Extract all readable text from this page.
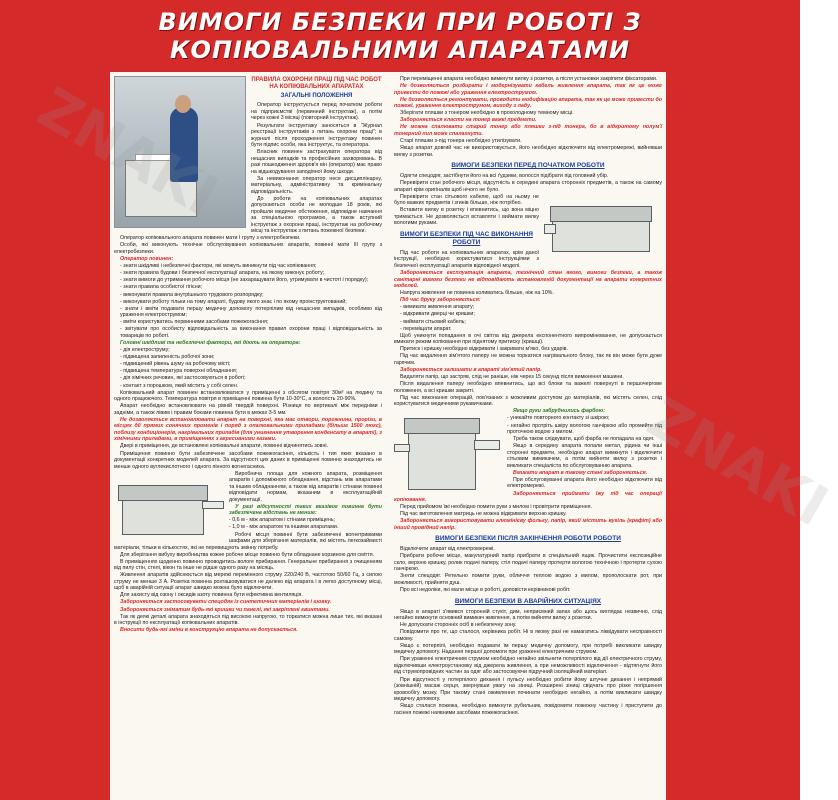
ВИМОГИ БЕЗПЕКИ ПРИ РОБОТІ З
КОПІЮВАЛЬНИМИ АПАРАТАМИ
ПРАВИЛА ОХОРОНИ ПРАЦІ ПІД ЧАС РОБОТ НА КОПІЮВАЛЬНИХ АПАРАТАХ
ЗАГАЛЬНІ ПОЛОЖЕННЯ

Оператор інструктується перед початком роботи на підприємстві (первинний інструктаж), а потім через кожні 3 місяці (повторний інструктаж).

Результати інструктажу заносяться в "Журнал реєстрації інструктажів з питань охорони праці"; в журналі після проходження інструктажу повинен бути підпис особи, яка інструктує, та оператора.

Власник повинен застрахувати оператора від нещасних випадків та професійних захворювань. В разі пошкодження здоров'я він (оператор) має право на відшкодування заподіяної йому шкоди.

За невиконання оператор несе дисциплінарну, матеріальну, адміністративну та кримінальну відповідальність.

До роботи на копіювальних апаратах допускаються особи не молодше 18 років, які пройшли медичне обстеження, відповідне навчання за спеціальною програмою, а також вступний інструктаж з охорони праці, інструктаж на робочому місці та інструктаж з питань пожежної безпеки.

Оператор копіювального апарата повинен мати І групу з електробезпеки.

Особи, які виконують технічне обслуговування копіювальних апаратів, повинні мати ІІІ групу з електробезпеки.

Оператор повинен:

- знати шкідливі і небезпечні фактори, які можуть виникнути під час копіювання;

- знати правила будови і безпечної експлуатації апарата, на якому виконує роботу;

- знати вимоги до утримання робочого місця (не захаращувати його, утримувати в чистоті і порядку);

- знати правила особистої гігієни;

- виконувати правила внутрішнього трудового розпорядку;

- виконувати роботу тільки на тому апараті, будову якого знає і по якому проінструктований;

- знати і вміти подавати першу медичну допомогу потерпілим від нещасних випадків, особливо від ураження електрострумом;

- вміти користуватись первинними засобами пожежогасіння;

- звітувати про особисту відповідальність за виконання правил охорони праці і відповідальність за товариців по роботі.

Головні шкідливі та небезпечні фактори, які діють на оператора:

- дія електроструму;

- підвищена запиленість робочої зони;

- підвищений рівень шуму на робочому місті;

- підвищена температура поверхні обладнання;

- дія хімічних речовин, які застосовуються в роботі;

- контакт з порошком, який містить у собі селен.

Копіювальний апарат повинен встановлюватися у приміщенні з обсягом повітря 30м³ на людину та одного працюючого. Температура повітря в приміщенні повинна бути 10-30°С, а вологість 20-90%.

Апарат необхідно встановлювати на рівній твердій поверхні. Різниця по вертикалі між передніми і задніми, а також лівим і правим боками повинна бути в межах 3-5 мм.

Не дозволяється встановлювати апарат на поверхні, яка має отвори, порожнини, прорізи, в місцях дії прямих сонячних променів і поряд з опалювальними приладами (більше 1500 люкс), поблизу кондиціонерів, нагрівальних приладів (для уникнення утворення конденсату в апараті), з хімічними приладами, в приміщеннях з агресивними газами.

Двері в приміщення, де встановлені копіювальні апарати, повинні відчинятись зовні.

Приміщення повинно бути забезпечене засобами пожежогасіння, кількість і тип яких вказано в документації конкретних моделей апарата. За відсутності цих даних в приміщенні повинно знаходитись не менше одного вуглекислотного і одного пінного вогнегасника.

Виробнича площа для кожного апарата, розміщення апаратів і допоміжного обладнання, відстань між апаратами та іншим обладнанням, а також від апаратів і стінами повинні відповідати нормам, вказаним в експлуатаційній документації.

У разі відсутності таких вказівок повинна бути забезпечена відстань не менше:

- 0,6 м - між апаратом і стінами приміщень;

- 1,0 м - між апаратом та іншими апаратами.

Робочі місця повинні бути забезпечені вогнетривкими шафами для зберігання матеріалів, які містять легкозаймисті матеріали, тільки в кількостях, які не перевищують змінну потребу.

Для зберігання вибуху виробництва кожне робоче місце повинно бути обладнане корзиною для сміття.

В приміщеннях щоденно повинно проводитись вологе прибирання. Генеральне прибирання з очищенням від пилу стін, стелі, вікон та інше не рідше одного разу на місяць.

Живлення апаратів здійснюється від мережі перемінного струму 220/240 В, частотою 50/60 Гц, з силою струму не менше 3 А. Розетка повинна розташовуватися не далеко від апарата і в легко доступному місці, щоб в аварійній ситуації апарат швидко можна було відключити.

Для захисту від озону і оксидів азоту повинна бути ефективна вентиляція.

Забороняється застосовувати спецодяг із синтетичних матеріалів і шовку.

Забороняється зніматим будь-які кришки чи панелі, які закріплені гвинтами.

Так як деякі деталі апарата знаходяться під високою напругою, то торкатися можна лише тих, які вказані в інструкції по експлуатації копіювальних апаратів.

Вносити будь-які зміни в конструкцію апарата не допускається.

При переміщенні апарата необхідно вимкнути вилку з розетки, а після установки закрiпити фіксаторами.

Не дозволяється розбирати і модернізувати кабель живлення апарата, так як це може привести до пожежі або ураження електрострумом.

Не дозволяється ремонтувати, проводити модифікацію апарата, так як це може привести до пожежі, ураження електрострумом, виходу з ладу.

Зберігати пляшки з тонером необхідно в прохолодному темному місці.

Забороняється класти на тонер важкі предмети.

Не можна спалювати старий тонер або пляшки з-під тонера, бо в відкритому полум'ї тонерний пил може спалахнути.

Старі пляшки з-під тонера необхідно утилізувати.

Якщо апарат довгий час не використовується, його необхідно відключити від електромережі, вийнявши вилку з розетки.

ВИМОГИ БЕЗПЕКИ ПЕРЕД ПОЧАТКОМ РОБОТИ

Одягти спецодяг, застібнути його на всі ґудзики, волосся підібрати під головний убір.

Перевірити стан робочого місця, відсутність в середині апарата сторонніх предметів, а також на самому апараті крім оригіналів щоб нічого не було.

Перевірити стан сітьового кабелю, щоб на ньому не було важких предметів і згинів більше, ніж потрібно.

Вставити вилку в розетку і впевнитись, що вона міцно тримається. Не дозволяється вставляти і виймати вилку вологими руками.

ВИМОГИ БЕЗПЕКИ ПІД ЧАС ВИКОНАННЯ РОБОТИ

Під час роботи на копіювальних апаратах, крім даної інструкції, необхідно користуватися інструкціями з безпечної експлуатації апаратів відповідної моделі.

Забороняється експлуатація апарата, технічний стан якого, вимоги безпеки, а також санітарні вимоги безпеки не відповідають встановленій документації на апарати конкретних моделей.

Напруга живлення не повинна коливатись більше, ніж на 10%.

Під час друку забороняється:

- вимикати живлення апарату;

- відкривати дверці чи кришки;

- виймати сітьовий кабель;

- переміщати апарат.

Щоб уникнути попадання в очі світла від джерела експонентного випромінювання, не допускається вмикати режим копіювання при піднятому притиску (кришці).

Притиск і кришку необхідно відкривати і закривати м'яко, без ударів.

Під час видалення зім'ятого паперу не можна торкатися нагрівального блоку, так як він може бути дуже гарячим.

Забороняється залишати в апараті зім'ятий папір.

Видаляти папір, що застряв, слід не раніше, ніж через 15 секунд після вимкнення машини.

Після видалення паперу необхідно впевнитись, що всі блоки та важелі повернуті в першочергове положення, а всі кришки закриті.

Під час виконання операцій, пов'язаних з можливим доступом до матеріалів, які містять селен, слід користуватися медичними рукавичками.

Якщо руки забруднились фарбою:

- уникайте повторного контакту зі шкірою;

- негайно протріть шкіру вологою ганчіркою або промийте під проточною водою з милом.

Треба також слідкувати, щоб фарба не попадала на одяг.

Якщо в середину апарата попали метал, рідина чи інші сторонні предмети, необхідно апарат вимкнути і відключити сітьовим вимикачем, а потім вийняти вилку з розетки і викликати спеціаліста по обслуговуванню апарата.

Вмикати апарат в такому стані забороняється.

При обслуговуванні апарата його необхідно відключити від електромережі.

Забороняється приймати їжу під час операції копіювання.

Перед прийомом їжі необхідно помити руки з милом і провітрити приміщення.

Під час виготовлення матриць не можна відкривати верхню кришку.

Забороняється використовувати алюмінієву фольгу, папір, який містить вугіль (графіт) або інший провідний напір.

ВИМОГИ БЕЗПЕКИ ПІСЛЯ ЗАКІНЧЕННЯ РОБОТИ РОБОТИ

Відключити апарат від електромережі.

Прибрати робоче місце, макулатурний папір прибрати в спеціальний ящик. Прочистити експозиційне скло, верхню кришку, ролик подачі паперу, стіл подачі паперу протерти вологою технічною і протерти сухою ганчіркою.

Зняти спецодяг. Ретельно помити руки, обличчя теплою водою з милом, прополоскати рот, при можливості, прийняти душ.

Про всі недоліки, які мали місце в роботі, доповісти керівникові робіт.

ВИМОГИ БЕЗПЕКИ В АВАРІЙНИХ СИТУАЦІЯХ

Якщо в апараті з'явився сторонній стукіт, дим, неприємний запах або щось виглядає незвично, слід негайно вимкнути основний вимикач живлення, а потім вийняти вилку з розетки.

Не допускати сторонніх осіб в небезпечну зону.

Повідомити про те, що сталося, керівника робіт. Ні в якому разі не намагатись ліквідувати несправності самому.

Якщо є потерпілі, необхідно подавати їм першу медичну допомогу, при потребі викликати швидку медичну допомогу. Надання першої допомоги при ураженні електричним струмом.

При ураженні електричним струмом необхідно негайно звільнити потерпілого від дії електричного струму, відключивши електроустановку від джерела живлення, а при неможливості відключення - відтягнути його від струмопровідних частин за одяг або застосовуючи підручний ізоляційний матеріал.

При відсутності у потерпілого дихання і пульсу необхідно робити йому штучне дихання і непрямий (зовнішній) масаж серця, звернувши увагу на зіниці. Розширені зіниці свідчать про різке погіршення кровообігу мозку. При такому стані оживлення починати необхідно негайно, а потім викликати швидку медичну допомогу.

Якщо сталася пожежа, необхідно вимкнути рубильник, повідомити пожежну частину і приступити до гасіння пожежі наявними засобами пожежогасіння.

ZNAKI
